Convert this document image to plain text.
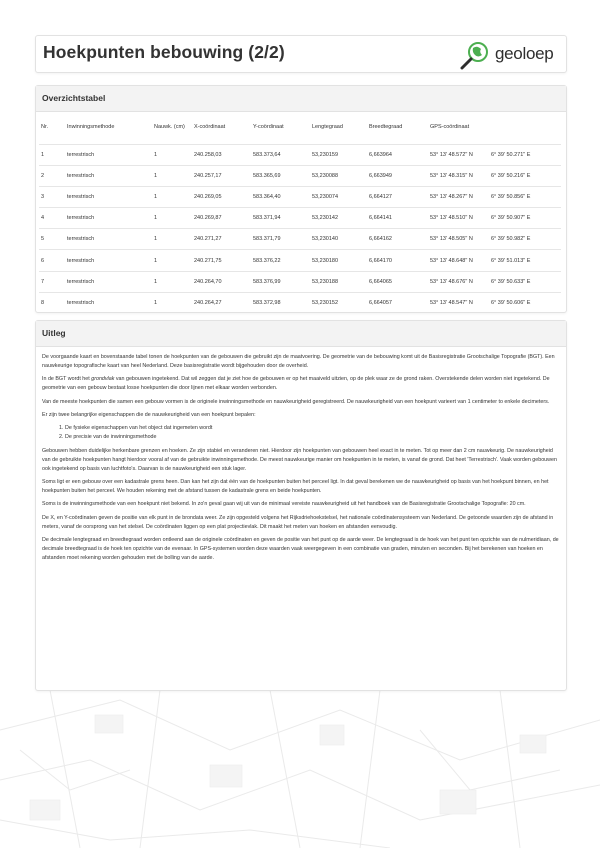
Hoekpunten bebouwing (2/2)	geoloep
Overzichtstabel
Nr.	Inwinningsmethode	Nauwk. (cm)	X-coördinaat	Y-coördinaat	Lengtegraad	Breedtegraad	GPS-coördinaat	
1	terrestrisch	1	240.258,03	583.373,64	53,230159	6,663964	53° 13' 48.572" N	6° 39' 50.271" E
2	terrestrisch	1	240.257,17	583.365,69	53,230088	6,663949	53° 13' 48.315" N	6° 39' 50.216" E
3	terrestrisch	1	240.269,05	583.364,40	53,230074	6,664127	53° 13' 48.267" N	6° 39' 50.856" E
4	terrestrisch	1	240.269,87	583.371,94	53,230142	6,664141	53° 13' 48.510" N	6° 39' 50.907" E
5	terrestrisch	1	240.271,27	583.371,79	53,230140	6,664162	53° 13' 48.505" N	6° 39' 50.982" E
6	terrestrisch	1	240.271,75	583.376,22	53,230180	6,664170	53° 13' 48.648" N	6° 39' 51.013" E
7	terrestrisch	1	240.264,70	583.376,99	53,230188	6,664065	53° 13' 48.676" N	6° 39' 50.633" E
8	terrestrisch	1	240.264,27	583.372,98	53,230152	6,664057	53° 13' 48.547" N	6° 39' 50.606" E
Uitleg

De voorgaande kaart en bovenstaande tabel tonen de hoekpunten van de gebouwen die gebruikt zijn de maatvoering. De geometrie van de bebouwing komt uit de Basisregistratie Grootschalige Topografie (BGT). Een nauwkeurige topografische kaart van heel Nederland. Deze basisregistratie wordt bijgehouden door de overheid.

In de BGT wordt het grondvlak van gebouwen ingetekend. Dat wil zeggen dat je ziet hoe de gebouwen er op het maaiveld uitzien, op de plek waar ze de grond raken. Overstekende delen worden niet ingetekend. De geometrie van een gebouw bestaat losse hoekpunten die door lijnen met elkaar worden verbonden.

Van de meeste hoekpunten die samen een gebouw vormen is de originele inwinningsmethode en nauwkeurigheid geregistreerd. De nauwkeurigheid van een hoekpunt varieert van 1 centimeter to enkele decimeters.

Er zijn twee belangrijke eigenschappen die de nauwkeurigheid van een hoekpunt bepalen:

1. De fysieke eigenschappen van het object dat ingemeten wordt
2. De precisie van de inwinningsmethode

Gebouwen hebben duidelijke herkenbare grenzen en hoeken. Ze zijn stabiel en veranderen niet. Hierdoor zijn hoekpunten van gebouwen heel exact in te meten. Tot op meer dan 2 cm nauwkeurig. De nauwkeurigheid van de gebruikte hoekpunten hangt hierdoor vooral af van de gebruikte inwinningsmethode. De meest nauwkeurige manier om hoekpunten in te meten, is vanaf de grond. Dat heet 'Terrestrisch'. Vaak worden gebouwen ook ingetekend op basis van luchtfoto's. Daarvan is de nauwkeurigheid een stuk lager.

Soms ligt er een gebouw over een kadastrale grens heen. Dan kan het zijn dat één van de hoekpunten buiten het perceel ligt. In dat geval berekenen we de nauwkeurigheid op basis van het hoekpunt binnen, en het hoekpunten buiten het perceel. We houden rekening met de afstand tussen de kadastrale grens en beide hoekpunten.

Soms is de inwinningsmethode van een hoekpunt niet bekend. In zo'n geval gaan wij uit van de minimaal vereiste nauwkeurigheid uit het handboek van de Basisregistratie Grootschalige Topografie: 20 cm.

De X, en Y-coördinaten geven de positie van elk punt in de brondata weer. Ze zijn opgesteld volgens het Rijksdriehoekstelsel, het nationale coördinatensysteem van Nederland. De getoonde waarden zijn de afstand in meters, vanaf de oorsprong van het stelsel. De coördinaten liggen op een plat projectievlak. Dit maakt het meten van hoeken en afstanden eenvoudig.

De decimale lengtegraad en breedtegraad worden ontleend aan de originele coördinaten en geven de positie van het punt op de aarde weer. De lengtegraad is de hoek van het punt ten opzichte van de nulmeridiaan, de decimale breedtegraad is de hoek ten opzichte van de evenaar. In GPS-systemen worden deze waarden vaak weergegeven in een combinatie van graden, minuten en seconden. Bij het berekenen van hoeken en afstanden moet rekening worden gehouden met de bolling van de aarde.
